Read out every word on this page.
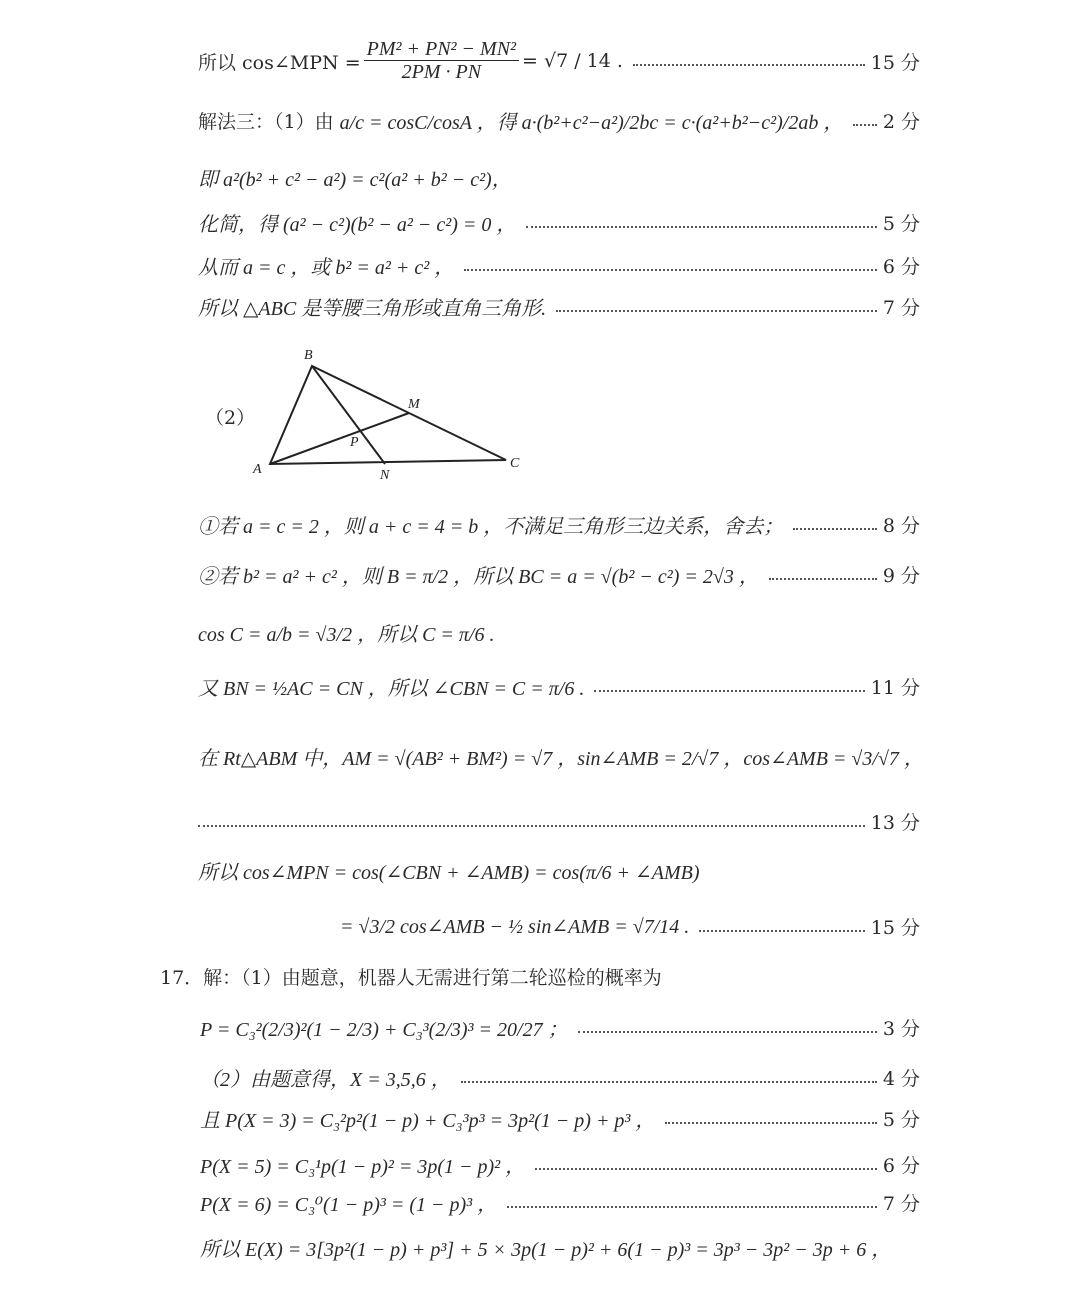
所以 cos∠MPN = $\frac{\text{PM² + PN² − MN²}}{2PM \cdot PN} = √7 / 14$ .	15 分
解法三：（1）由 a/c = cosC/cosA ，得 a·(b²+c²−a²)/2bc = c·(a²+b²−c²)/2ab ， 2 分
即 a²(b² + c² − a²) = c²(a² + b² − c²)，
化简，得 (a² − c²)(b² − a² − c²) = 0 ，	5 分
从而 a = c ，或 b² = a² + c² ，	6 分
所以 △ABC 是等腰三角形或直角三角形.	7 分
（2）
B
A	C
M
N
P
①若 a = c = 2 ，则 a + c = 4 = b ，不满足三角形三边关系，舍去；	8 分
②若 b² = a² + c² ，则 B = π/2 ，所以 BC = a = √(b² − c²) = 2√3 ，	9 分
cos C = a/b = √3/2 ，所以 C = π/6 .
又 BN = ½AC = CN ，所以 ∠CBN = C = π/6 .	11 分
在 Rt△ABM 中，AM = √(AB² + BM²) = √7 ，sin∠AMB = 2/√7 ，cos∠AMB = √3/√7 ，
13 分
所以 cos∠MPN = cos(∠CBN + ∠AMB) = cos(π/6 + ∠AMB)
= √3/2 cos∠AMB − ½ sin∠AMB = √7/14 .	15 分
17．解：（1）由题意，机器人无需进行第二轮巡检的概率为
P = C₃²(2/3)²(1 − 2/3) + C₃³(2/3)³ = 20/27 ；	3 分
（2）由题意得，X = 3,5,6 ，	4 分
且 P(X = 3) = C₃²p²(1 − p) + C₃³p³ = 3p²(1 − p) + p³ ，	5 分
P(X = 5) = C₃¹p(1 − p)² = 3p(1 − p)² ，	6 分
P(X = 6) = C₃⁰(1 − p)³ = (1 − p)³ ，	7 分
所以 E(X) = 3[3p²(1 − p) + p³] + 5 × 3p(1 − p)² + 6(1 − p)³ = 3p³ − 3p² − 3p + 6 ，
